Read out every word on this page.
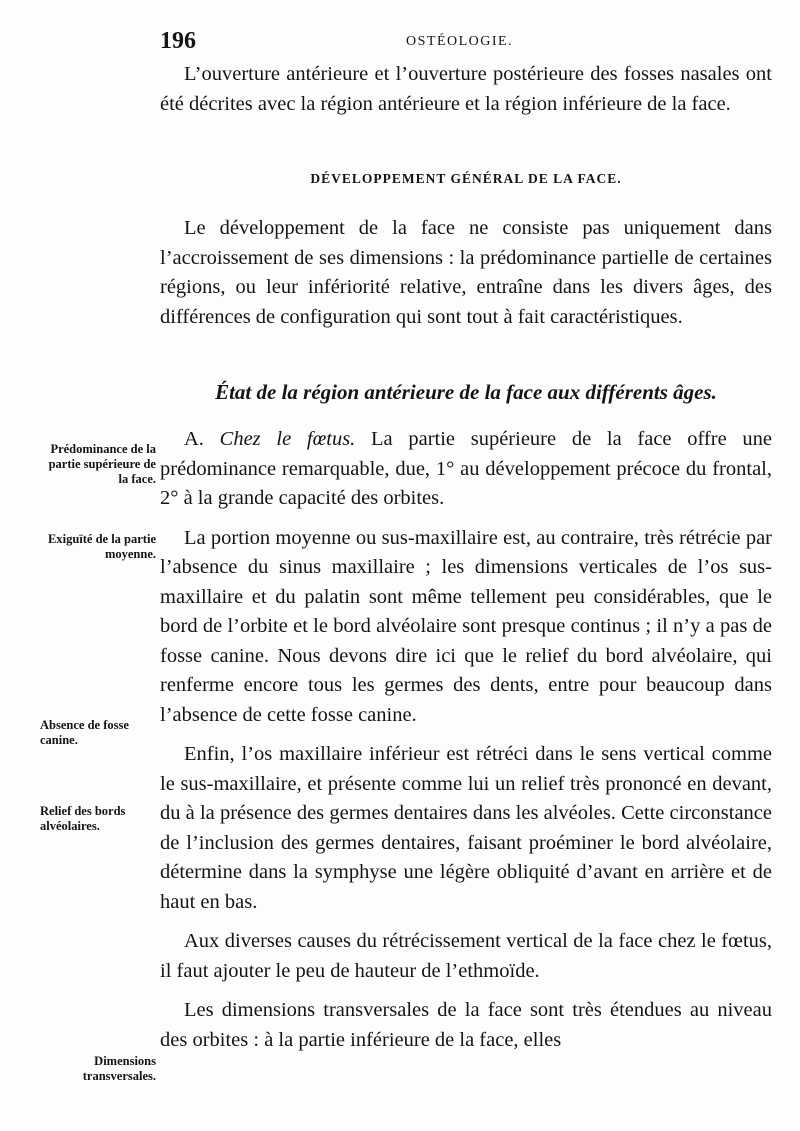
196	OSTÉOLOGIE.

L’ouverture antérieure et l’ouverture postérieure des fosses nasales ont été décrites avec la région antérieure et la région inférieure de la face.

DÉVELOPPEMENT GÉNÉRAL DE LA FACE.

Le développement de la face ne consiste pas uniquement dans l’accroissement de ses dimensions : la prédominance partielle de certaines régions, ou leur infériorité relative, entraîne dans les divers âges, des différences de configuration qui sont tout à fait caractéristiques.

État de la région antérieure de la face aux différents âges.

A. Chez le fœtus. La partie supérieure de la face offre une prédominance remarquable, due, 1° au développement précoce du frontal, 2° à la grande capacité des orbites.

La portion moyenne ou sus-maxillaire est, au contraire, très rétrécie par l’absence du sinus maxillaire ; les dimensions verticales de l’os sus-maxillaire et du palatin sont même tellement peu considérables, que le bord de l’orbite et le bord alvéolaire sont presque continus ; il n’y a pas de fosse canine. Nous devons dire ici que le relief du bord alvéolaire, qui renferme encore tous les germes des dents, entre pour beaucoup dans l’absence de cette fosse canine.

Enfin, l’os maxillaire inférieur est rétréci dans le sens vertical comme le sus-maxillaire, et présente comme lui un relief très prononcé en devant, du à la présence des germes dentaires dans les alvéoles. Cette circonstance de l’inclusion des germes dentaires, faisant proéminer le bord alvéolaire, détermine dans la symphyse une légère obliquité d’avant en arrière et de haut en bas.

Aux diverses causes du rétrécissement vertical de la face chez le fœtus, il faut ajouter le peu de hauteur de l’ethmoïde.

Les dimensions transversales de la face sont très étendues au niveau des orbites : à la partie inférieure de la face, elles

Prédominance de la partie supérieure de la face.
Exiguïté de la partie moyenne.
Absence de fosse canine.
Relief des bords alvéolaires.
Dimensions transversales.
